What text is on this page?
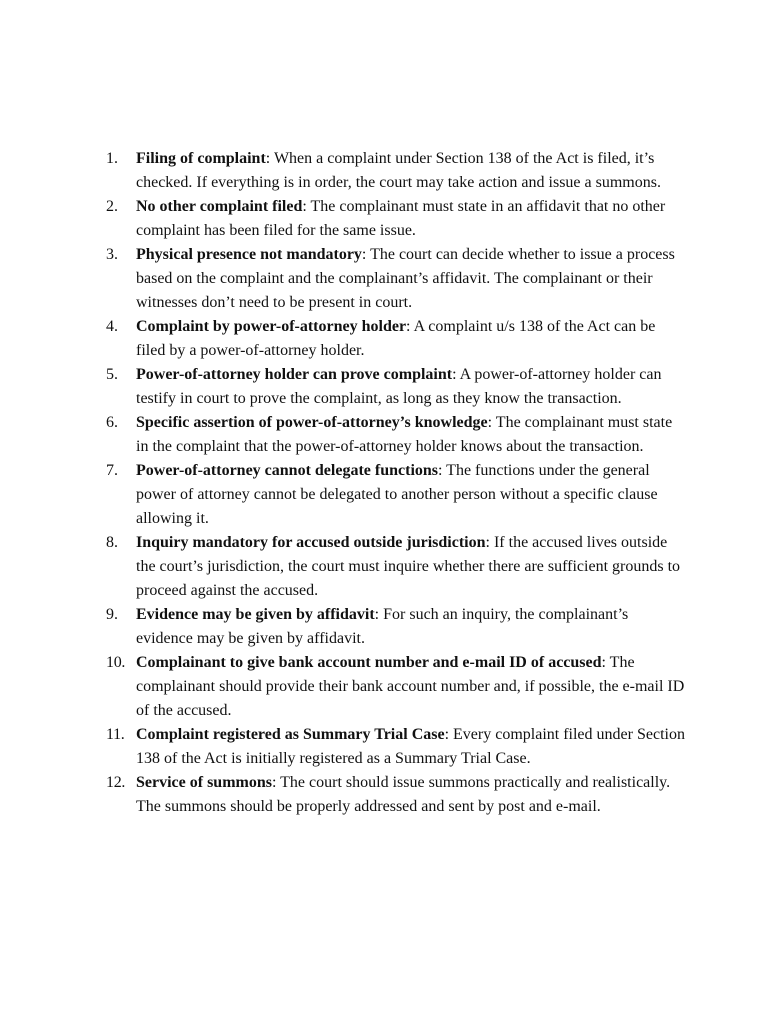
1.	Filing of complaint: When a complaint under Section 138 of the Act is filed, it’s checked. If everything is in order, the court may take action and issue a summons.
2.	No other complaint filed: The complainant must state in an affidavit that no other complaint has been filed for the same issue.
3.	Physical presence not mandatory: The court can decide whether to issue a process based on the complaint and the complainant’s affidavit. The complainant or their witnesses don’t need to be present in court.
4.	Complaint by power-of-attorney holder: A complaint u/s 138 of the Act can be filed by a power-of-attorney holder.
5.	Power-of-attorney holder can prove complaint: A power-of-attorney holder can testify in court to prove the complaint, as long as they know the transaction.
6.	Specific assertion of power-of-attorney’s knowledge: The complainant must state in the complaint that the power-of-attorney holder knows about the transaction.
7.	Power-of-attorney cannot delegate functions: The functions under the general power of attorney cannot be delegated to another person without a specific clause allowing it.
8.	Inquiry mandatory for accused outside jurisdiction: If the accused lives outside the court’s jurisdiction, the court must inquire whether there are sufficient grounds to proceed against the accused.
9.	Evidence may be given by affidavit: For such an inquiry, the complainant’s evidence may be given by affidavit.
10. Complainant to give bank account number and e-mail ID of accused: The complainant should provide their bank account number and, if possible, the e-mail ID of the accused.
11. Complaint registered as Summary Trial Case: Every complaint filed under Section 138 of the Act is initially registered as a Summary Trial Case.
12. Service of summons: The court should issue summons practically and realistically. The summons should be properly addressed and sent by post and e-mail.
